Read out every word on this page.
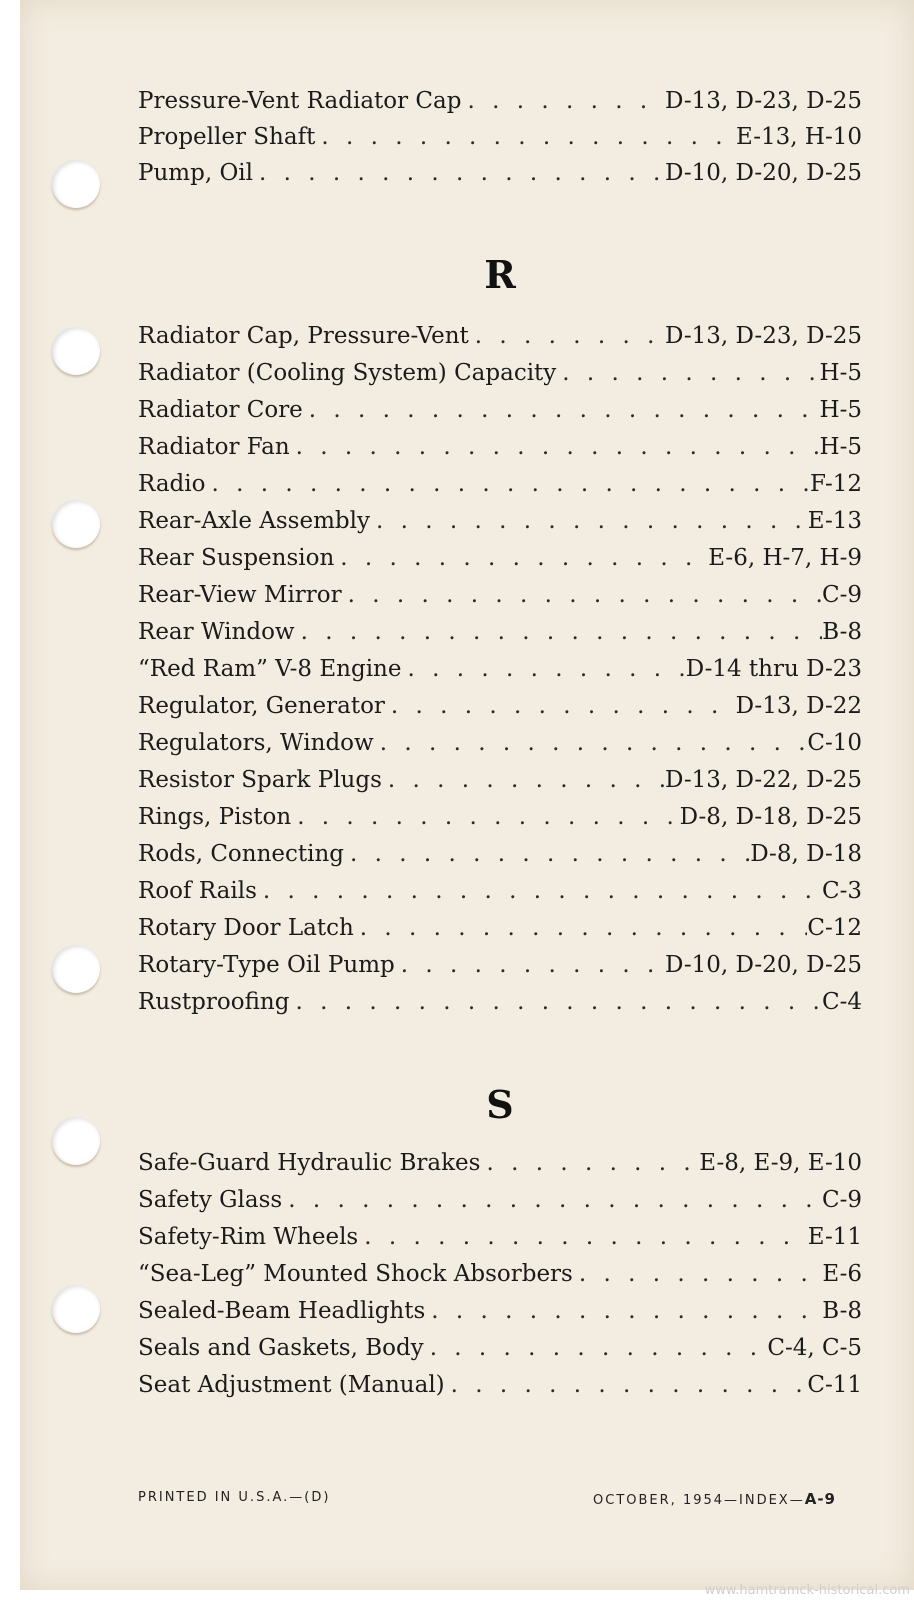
Pressure-Vent Radiator Cap . . .	D-13, D-23, D-25
Propeller Shaft . . .	E-13, H-10
Pump, Oil . . .	D-10, D-20, D-25
R
Radiator Cap, Pressure-Vent . . .	D-13, D-23, D-25
Radiator (Cooling System) Capacity . . .	H-5
Radiator Core . . .	H-5
Radiator Fan . . .	H-5
Radio . . .	F-12
Rear-Axle Assembly . . .	E-13
Rear Suspension . . .	E-6, H-7, H-9
Rear-View Mirror . . .	C-9
Rear Window . . .	B-8
“Red Ram” V-8 Engine . . .	D-14 thru D-23
Regulator, Generator . . .	D-13, D-22
Regulators, Window . . .	C-10
Resistor Spark Plugs . . .	D-13, D-22, D-25
Rings, Piston . . .	D-8, D-18, D-25
Rods, Connecting . . .	D-8, D-18
Roof Rails . . .	C-3
Rotary Door Latch . . .	C-12
Rotary-Type Oil Pump . . .	D-10, D-20, D-25
Rustproofing . . .	C-4
S
Safe-Guard Hydraulic Brakes . . .	E-8, E-9, E-10
Safety Glass . . .	C-9
Safety-Rim Wheels . . .	E-11
“Sea-Leg” Mounted Shock Absorbers . . .	E-6
Sealed-Beam Headlights . . .	B-8
Seals and Gaskets, Body . . .	C-4, C-5
Seat Adjustment (Manual) . . .	C-11
PRINTED IN U.S.A.—(D)	OCTOBER, 1954—INDEX—A-9
www.hamtramck-historical.com
